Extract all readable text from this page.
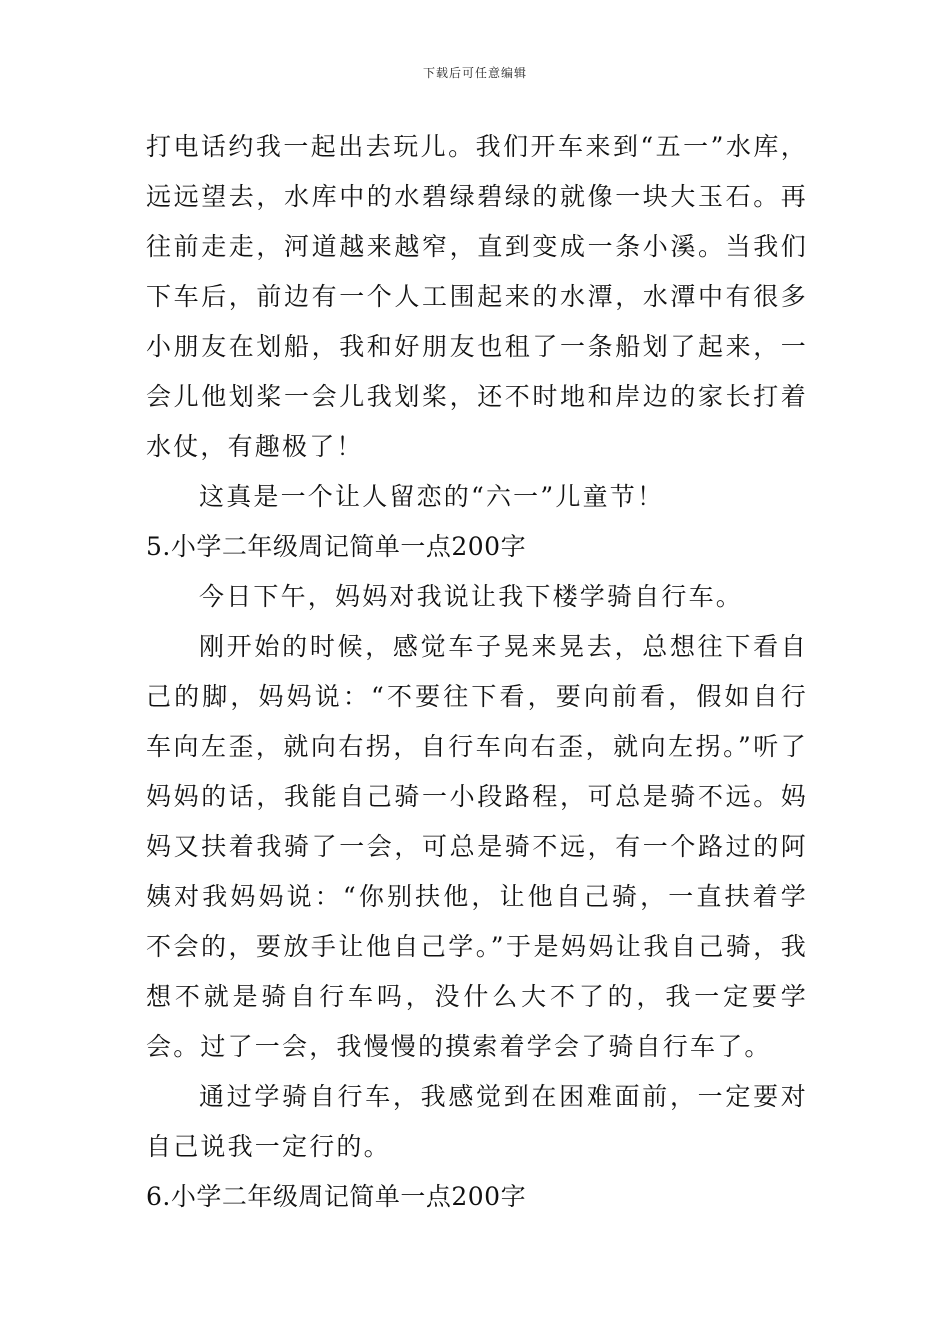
下载后可任意编辑

打电话约我一起出去玩儿。我们开车来到“五一”水库，远远望去，水库中的水碧绿碧绿的就像一块大玉石。再往前走走，河道越来越窄，直到变成一条小溪。当我们下车后，前边有一个人工围起来的水潭，水潭中有很多小朋友在划船，我和好朋友也租了一条船划了起来，一会儿他划桨一会儿我划桨，还不时地和岸边的家长打着水仗，有趣极了！

这真是一个让人留恋的“六一”儿童节！

5.小学二年级周记简单一点200字

今日下午，妈妈对我说让我下楼学骑自行车。

刚开始的时候，感觉车子晃来晃去，总想往下看自己的脚，妈妈说：“不要往下看，要向前看，假如自行车向左歪，就向右拐，自行车向右歪，就向左拐。”听了妈妈的话，我能自己骑一小段路程，可总是骑不远。妈妈又扶着我骑了一会，可总是骑不远，有一个路过的阿姨对我妈妈说：“你别扶他，让他自己骑，一直扶着学不会的，要放手让他自己学。”于是妈妈让我自己骑，我想不就是骑自行车吗，没什么大不了的，我一定要学会。过了一会，我慢慢的摸索着学会了骑自行车了。

通过学骑自行车，我感觉到在困难面前，一定要对自己说我一定行的。

6.小学二年级周记简单一点200字
